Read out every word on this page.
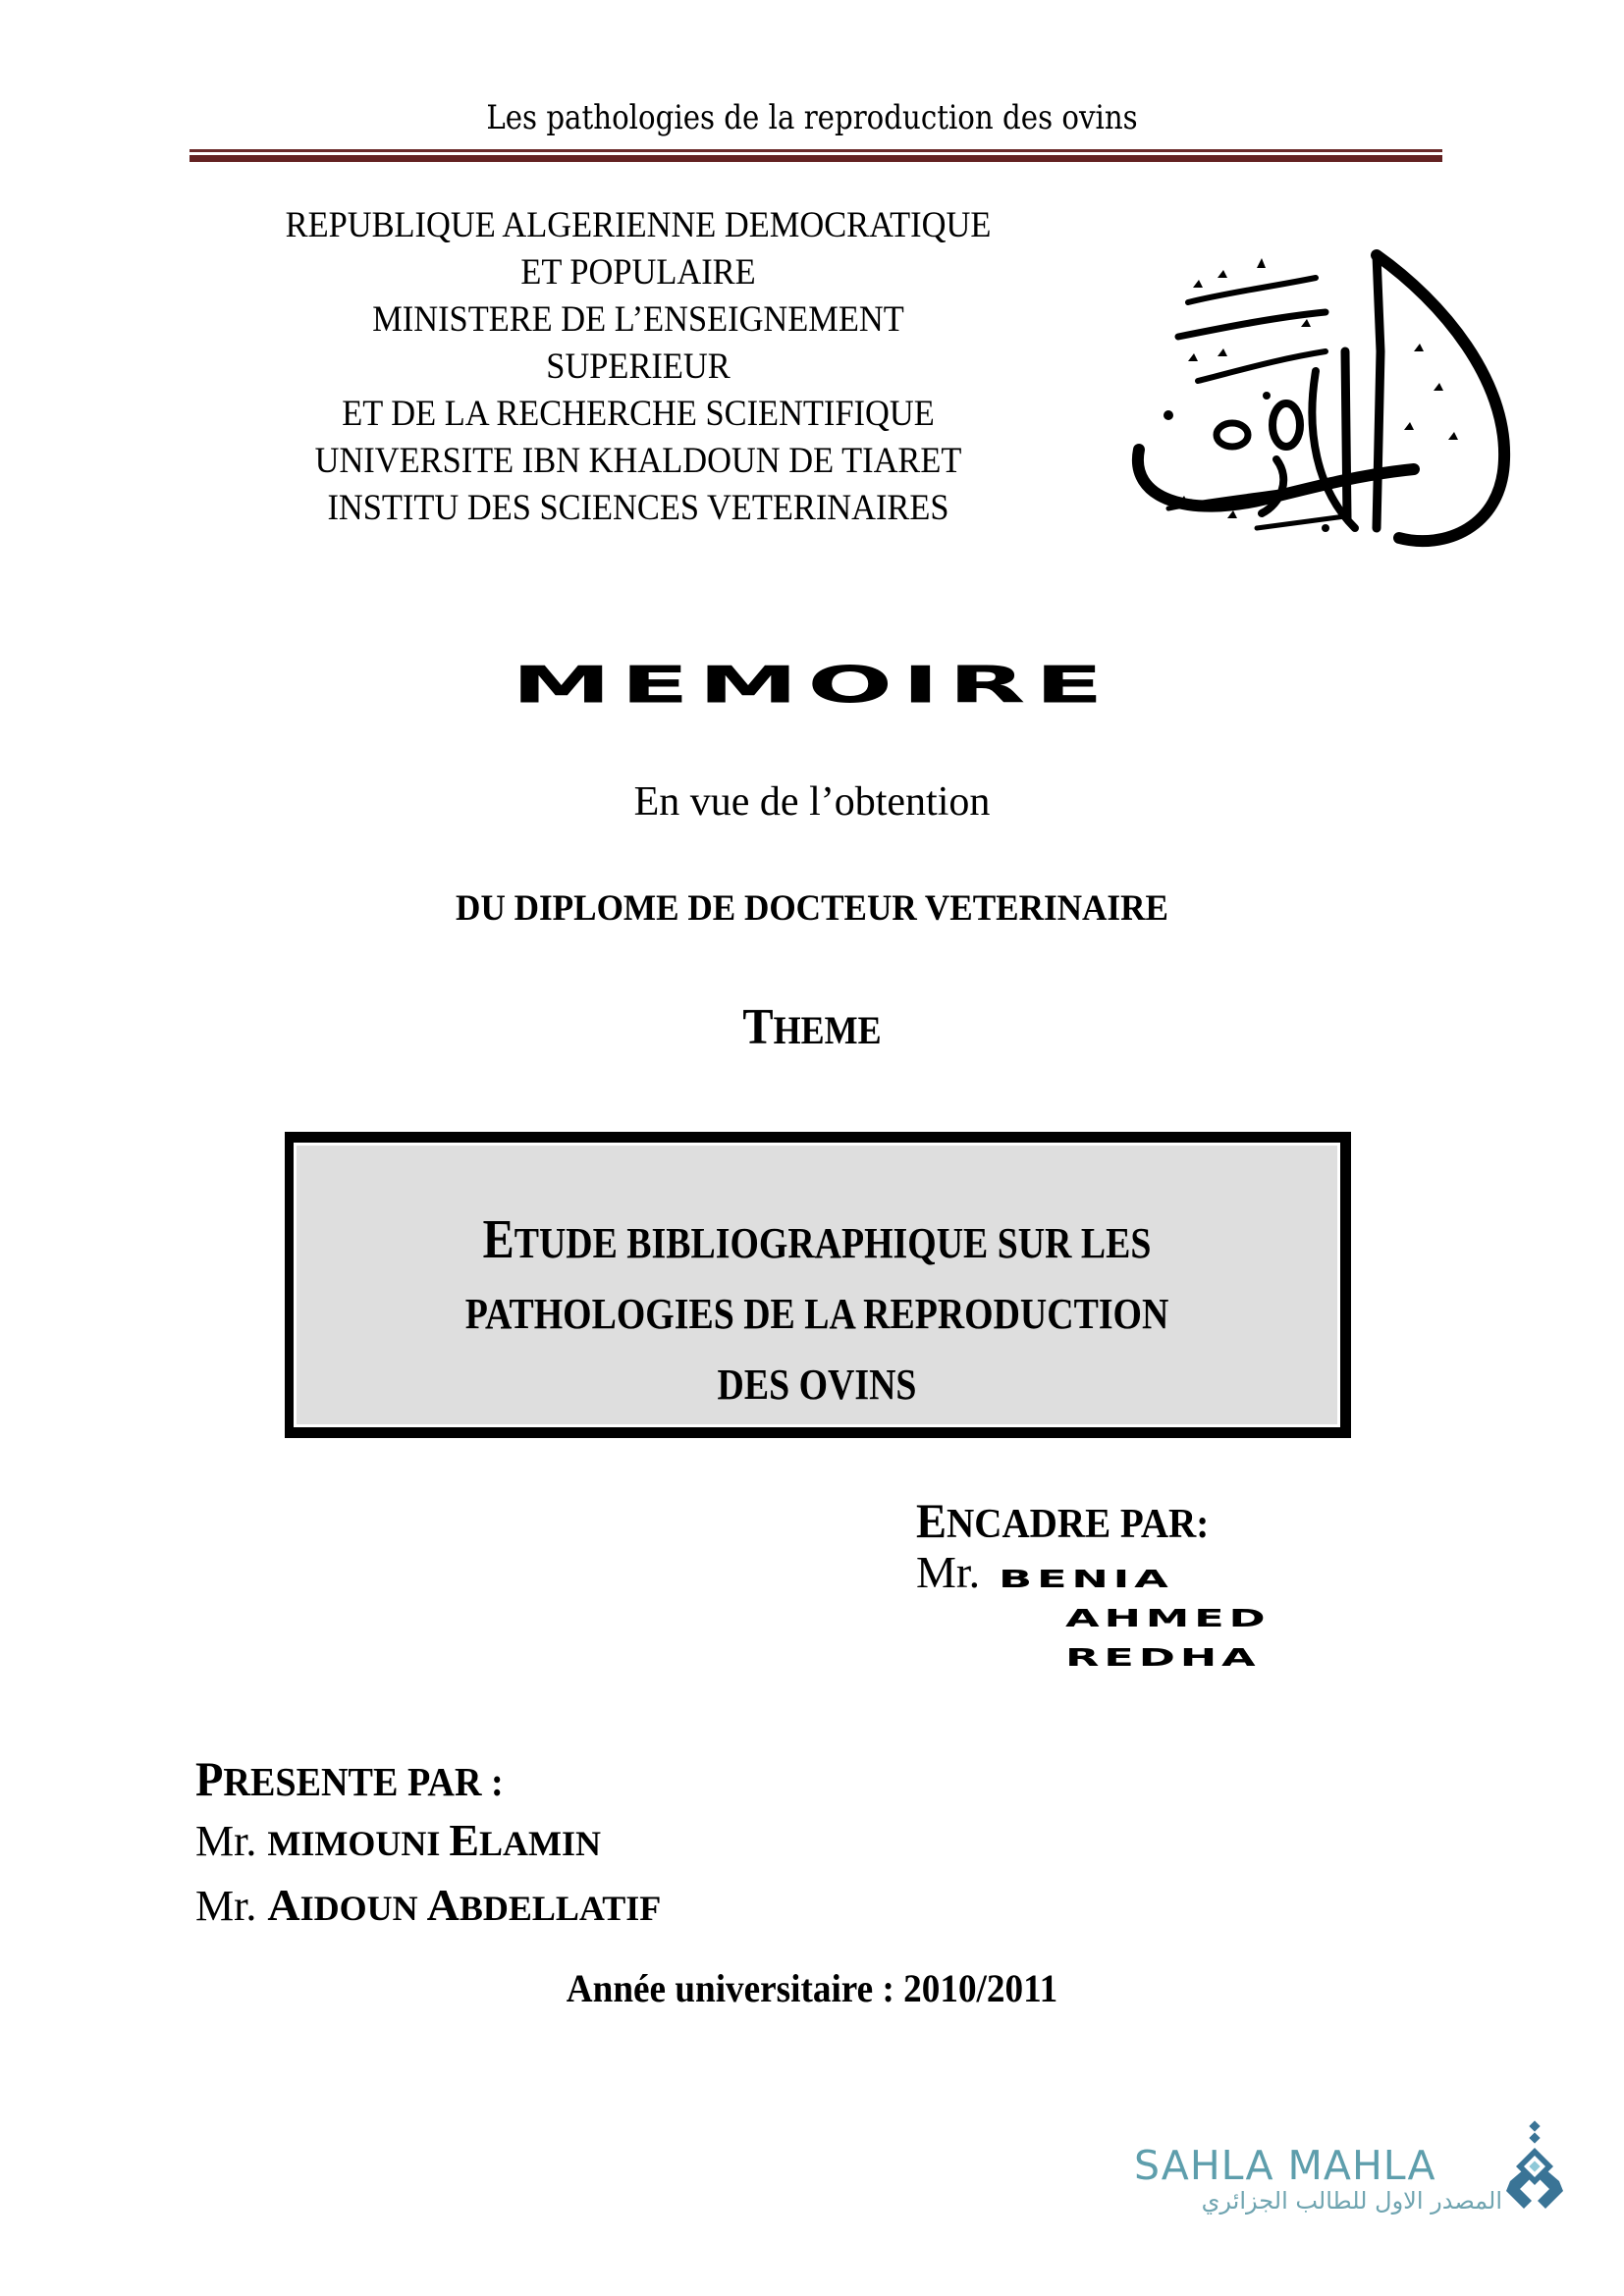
Les pathologies de la reproduction des ovins
REPUBLIQUE ALGERIENNE DEMOCRATIQUE
ET POPULAIRE
MINISTERE DE L’ENSEIGNEMENT
SUPERIEUR
ET DE LA RECHERCHE SCIENTIFIQUE
UNIVERSITE IBN KHALDOUN DE TIARET
INSTITU DES SCIENCES VETERINAIRES
MEMOIRE
En vue de l’obtention
DU DIPLOME DE DOCTEUR VETERINAIRE
THEME
ETUDE BIBLIOGRAPHIQUE SUR LES
PATHOLOGIES DE LA REPRODUCTION
DES OVINS
ENCADRE PAR:
Mr. BENIA
AHMED
REDHA
PRESENTE PAR :
Mr. MIMOUNI ELAMIN
Mr. AIDOUN ABDELLATIF
Année universitaire : 2010/2011
SAHLA MAHLA
المصدر الاول للطالب الجزائري
